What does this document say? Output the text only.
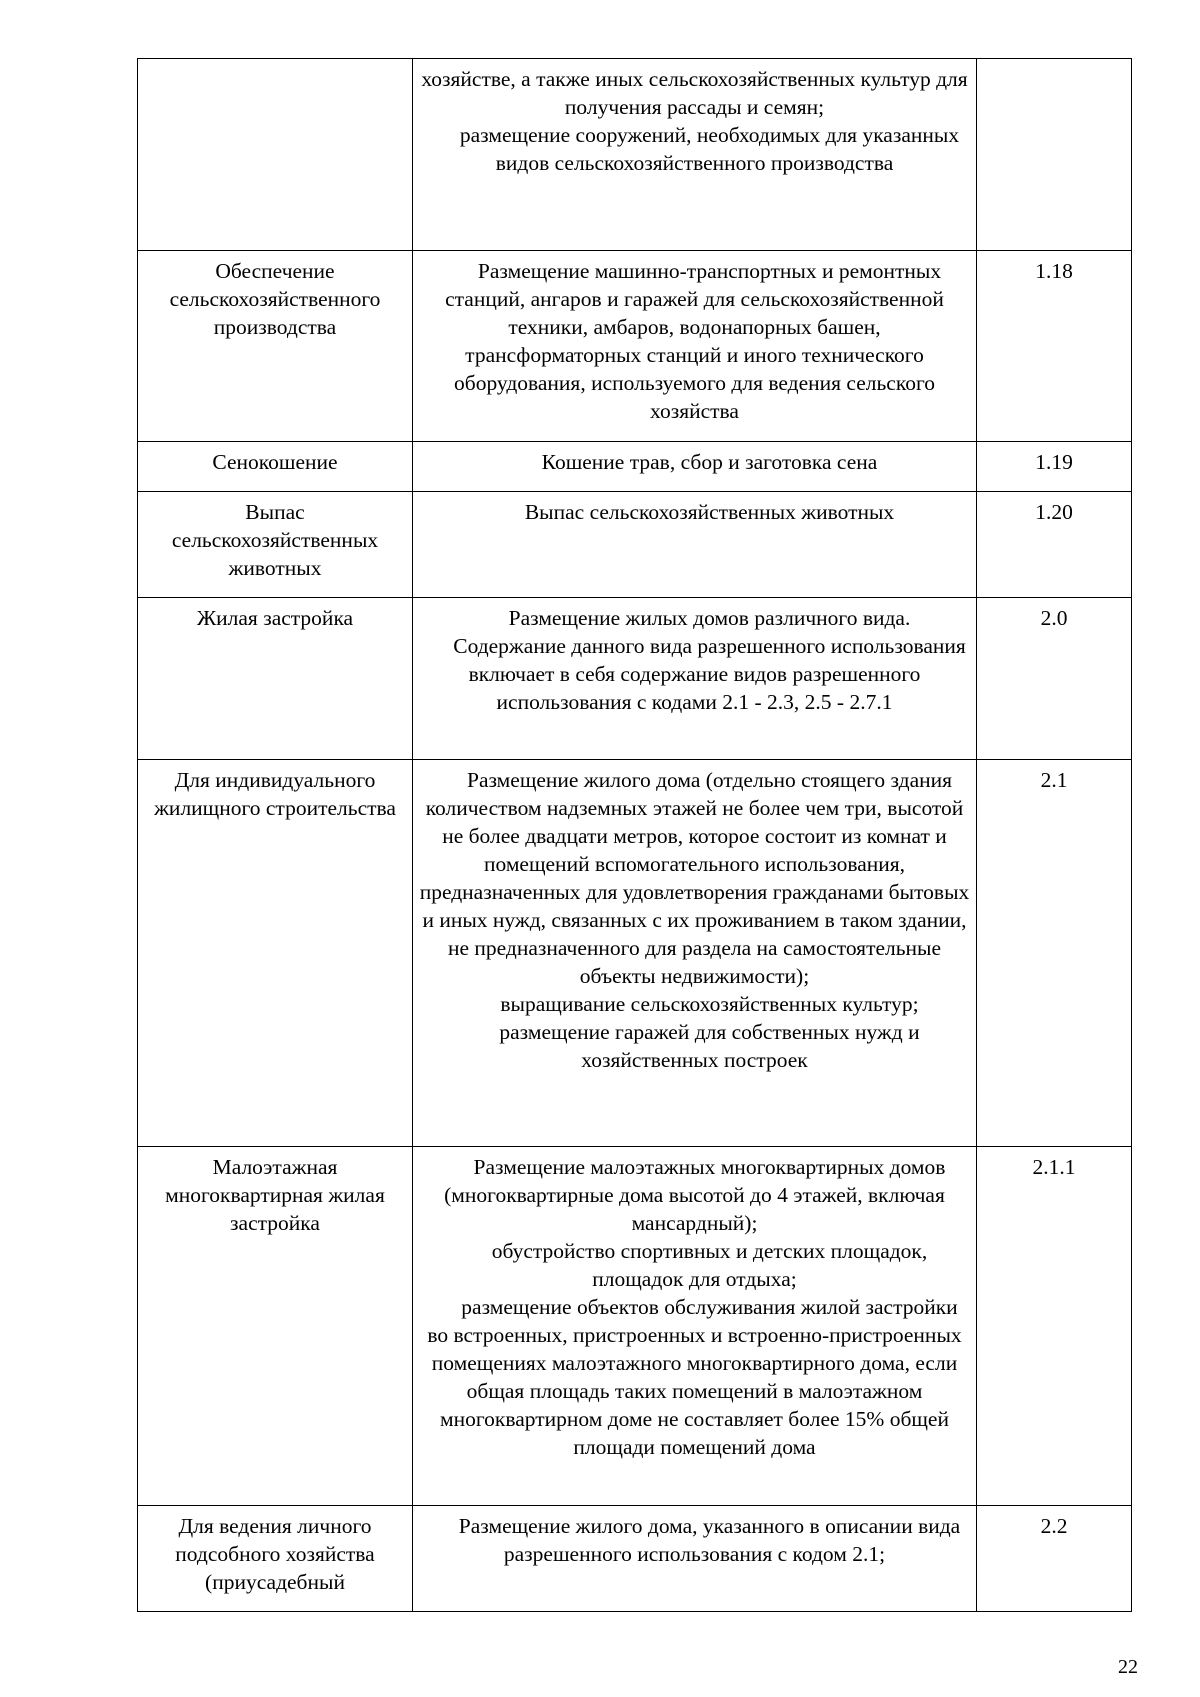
	хозяйстве, а также иных сельскохозяйственных культур для получения рассады и семян;
размещение сооружений, необходимых для указанных видов сельскохозяйственного производства	

Обеспечение сельскохозяйственного производства	Размещение машинно-транспортных и ремонтных станций, ангаров и гаражей для сельскохозяйственной техники, амбаров, водонапорных башен, трансформаторных станций и иного технического оборудования, используемого для ведения сельского хозяйства	1.18
Сенокошение	Кошение трав, сбор и заготовка сена	1.19
Выпас сельскохозяйственных животных	Выпас сельскохозяйственных животных	1.20
Жилая застройка	Размещение жилых домов различного вида.
Содержание данного вида разрешенного использования включает в себя содержание видов разрешенного использования с кодами 2.1 - 2.3, 2.5 - 2.7.1	2.0
Для индивидуального жилищного строительства	Размещение жилого дома (отдельно стоящего здания количеством надземных этажей не более чем три, высотой не более двадцати метров, которое состоит из комнат и помещений вспомогательного использования, предназначенных для удовлетворения гражданами бытовых и иных нужд, связанных с их проживанием в таком здании, не предназначенного для раздела на самостоятельные объекты недвижимости);
выращивание сельскохозяйственных культур;
размещение гаражей для собственных нужд и хозяйственных построек	2.1
Малоэтажная многоквартирная жилая застройка	Размещение малоэтажных многоквартирных домов (многоквартирные дома высотой до 4 этажей, включая мансардный);
обустройство спортивных и детских площадок, площадок для отдыха;
размещение объектов обслуживания жилой застройки во встроенных, пристроенных и встроенно-пристроенных помещениях малоэтажного многоквартирного дома, если общая площадь таких помещений в малоэтажном многоквартирном доме не составляет более 15% общей площади помещений дома	2.1.1
Для ведения личного подсобного хозяйства (приусадебный	Размещение жилого дома, указанного в описании вида разрешенного использования с кодом 2.1;	2.2
22
